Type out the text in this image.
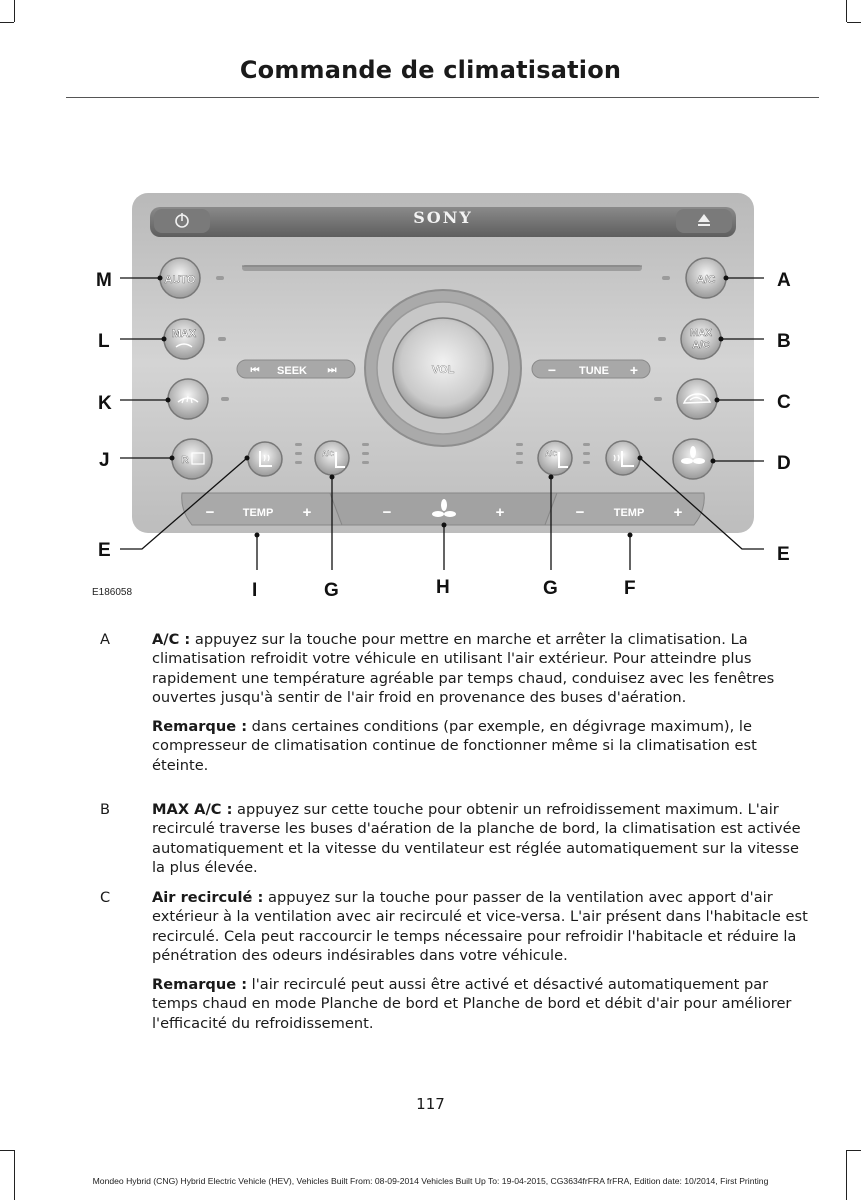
Commande de climatisation
SONY
AUTO
MAX
R
A/C
A/C
MAX
A/C
A/C
⏮ SEEK ⏭	− TUNE +
VOL
−	TEMP +	−	+	−	TEMP +
A
B
C
D
E	E
F
G	G
H
I
J
K
L
M
E186058
A	A/C : appuyez sur la touche pour mettre en marche et arrêter la climatisation. La climatisation refroidit votre véhicule en utilisant l'air extérieur. Pour atteindre plus rapidement une température agréable par temps chaud, conduisez avec les fenêtres ouvertes jusqu'à sentir de l'air froid en provenance des buses d'aération.

Remarque : dans certaines conditions (par exemple, en dégivrage maximum), le compresseur de climatisation continue de fonctionner même si la climatisation est éteinte.

B	MAX A/C : appuyez sur cette touche pour obtenir un refroidissement maximum. L'air recirculé traverse les buses d'aération de la planche de bord, la climatisation est activée automatiquement et la vitesse du ventilateur est réglée automatiquement sur la vitesse la plus élevée.

C	Air recirculé : appuyez sur la touche pour passer de la ventilation avec apport d'air extérieur à la ventilation avec air recirculé et vice-versa. L'air présent dans l'habitacle est recirculé. Cela peut raccourcir le temps nécessaire pour refroidir l'habitacle et réduire la pénétration des odeurs indésirables dans votre véhicule.

Remarque : l'air recirculé peut aussi être activé et désactivé automatiquement par temps chaud en mode Planche de bord et Planche de bord et débit d'air pour améliorer l'efficacité du refroidissement.

117
Mondeo Hybrid (CNG) Hybrid Electric Vehicle (HEV), Vehicles Built From: 08-09-2014 Vehicles Built Up To: 19-04-2015, CG3634frFRA frFRA, Edition date: 10/2014, First Printing
